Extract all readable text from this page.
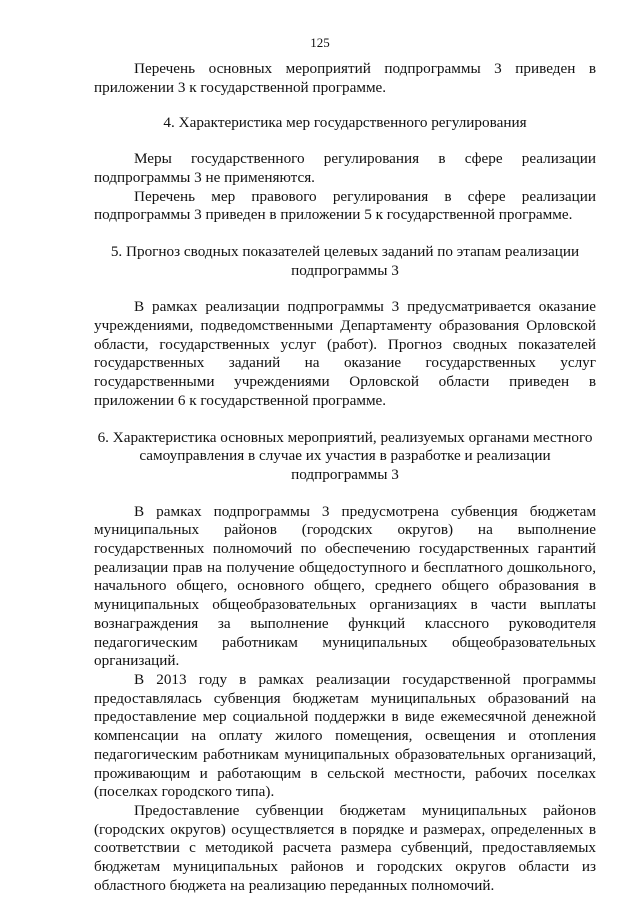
125

Перечень основных мероприятий подпрограммы 3 приведен в приложении 3 к государственной программе.

4. Характеристика мер государственного регулирования

Меры государственного регулирования в сфере реализации подпрограммы 3 не применяются.

Перечень мер правового регулирования в сфере реализации подпрограммы 3 приведен в приложении 5 к государственной программе.

5. Прогноз сводных показателей целевых заданий по этапам реализации подпрограммы 3

В рамках реализации подпрограммы 3 предусматривается оказание учреждениями, подведомственными Департаменту образования Орловской области, государственных услуг (работ). Прогноз сводных показателей государственных заданий на оказание государственных услуг государственными учреждениями Орловской области приведен в приложении 6 к государственной программе.

6. Характеристика основных мероприятий, реализуемых органами местного самоуправления в случае их участия в разработке и реализации подпрограммы 3

В рамках подпрограммы 3 предусмотрена субвенция бюджетам муниципальных районов (городских округов) на выполнение государственных полномочий по обеспечению государственных гарантий реализации прав на получение общедоступного и бесплатного дошкольного, начального общего, основного общего, среднего общего образования в муниципальных общеобразовательных организациях в части выплаты вознаграждения за выполнение функций классного руководителя педагогическим работникам муниципальных общеобразовательных организаций.

В 2013 году в рамках реализации государственной программы предоставлялась субвенция бюджетам муниципальных образований на предоставление мер социальной поддержки в виде ежемесячной денежной компенсации на оплату жилого помещения, освещения и отопления педагогическим работникам муниципальных образовательных организаций, проживающим и работающим в сельской местности, рабочих поселках (поселках городского типа).

Предоставление субвенции бюджетам муниципальных районов (городских округов) осуществляется в порядке и размерах, определенных в соответствии с методикой расчета размера субвенций, предоставляемых бюджетам муниципальных районов и городских округов области из областного бюджета на реализацию переданных полномочий.
